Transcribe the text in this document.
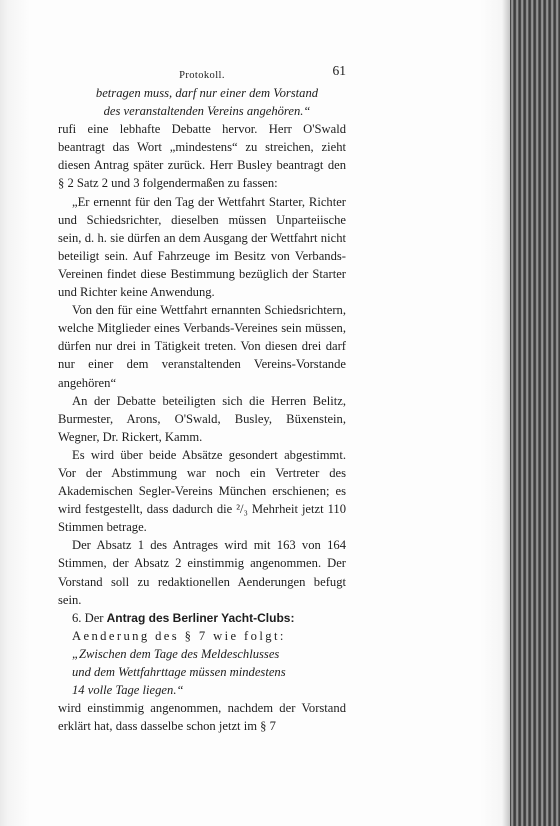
Protokoll.	61
betragen muss, darf nur einer dem Vorstand
des veranstaltenden Vereins angehören.“

rufi eine lebhafte Debatte hervor. Herr O'Swald beantragt das Wort „mindestens“ zu streichen, zieht diesen Antrag später zurück. Herr Busley beantragt den § 2 Satz 2 und 3 folgendermaßen zu fassen:

„Er ernennt für den Tag der Wettfahrt Starter, Richter und Schiedsrichter, dieselben müssen Unparteiische sein, d. h. sie dürfen an dem Ausgang der Wettfahrt nicht beteiligt sein. Auf Fahrzeuge im Besitz von Verbands-Vereinen findet diese Bestimmung bezüglich der Starter und Richter keine Anwendung.

Von den für eine Wettfahrt ernannten Schiedsrichtern, welche Mitglieder eines Verbands-Vereines sein müssen, dürfen nur drei in Tätigkeit treten. Von diesen drei darf nur einer dem veranstaltenden Vereins-Vorstande angehören“

An der Debatte beteiligten sich die Herren Belitz, Burmester, Arons, O'Swald, Busley, Büxenstein, Wegner, Dr. Rickert, Kamm.

Es wird über beide Absätze gesondert abgestimmt. Vor der Abstimmung war noch ein Vertreter des Akademischen Segler-Vereins München erschienen; es wird festgestellt, dass dadurch die ²/₃ Mehrheit jetzt 110 Stimmen betrage.

Der Absatz 1 des Antrages wird mit 163 von 164 Stimmen, der Absatz 2 einstimmig angenommen. Der Vorstand soll zu redaktionellen Aenderungen befugt sein.

6. Der Antrag des Berliner Yacht-Clubs:

Aenderung des § 7 wie folgt:

„Zwischen dem Tage des Meldeschlusses
und dem Wettfahrttage müssen mindestens
14 volle Tage liegen.“

wird einstimmig angenommen, nachdem der Vorstand erklärt hat, dass dasselbe schon jetzt im § 7
